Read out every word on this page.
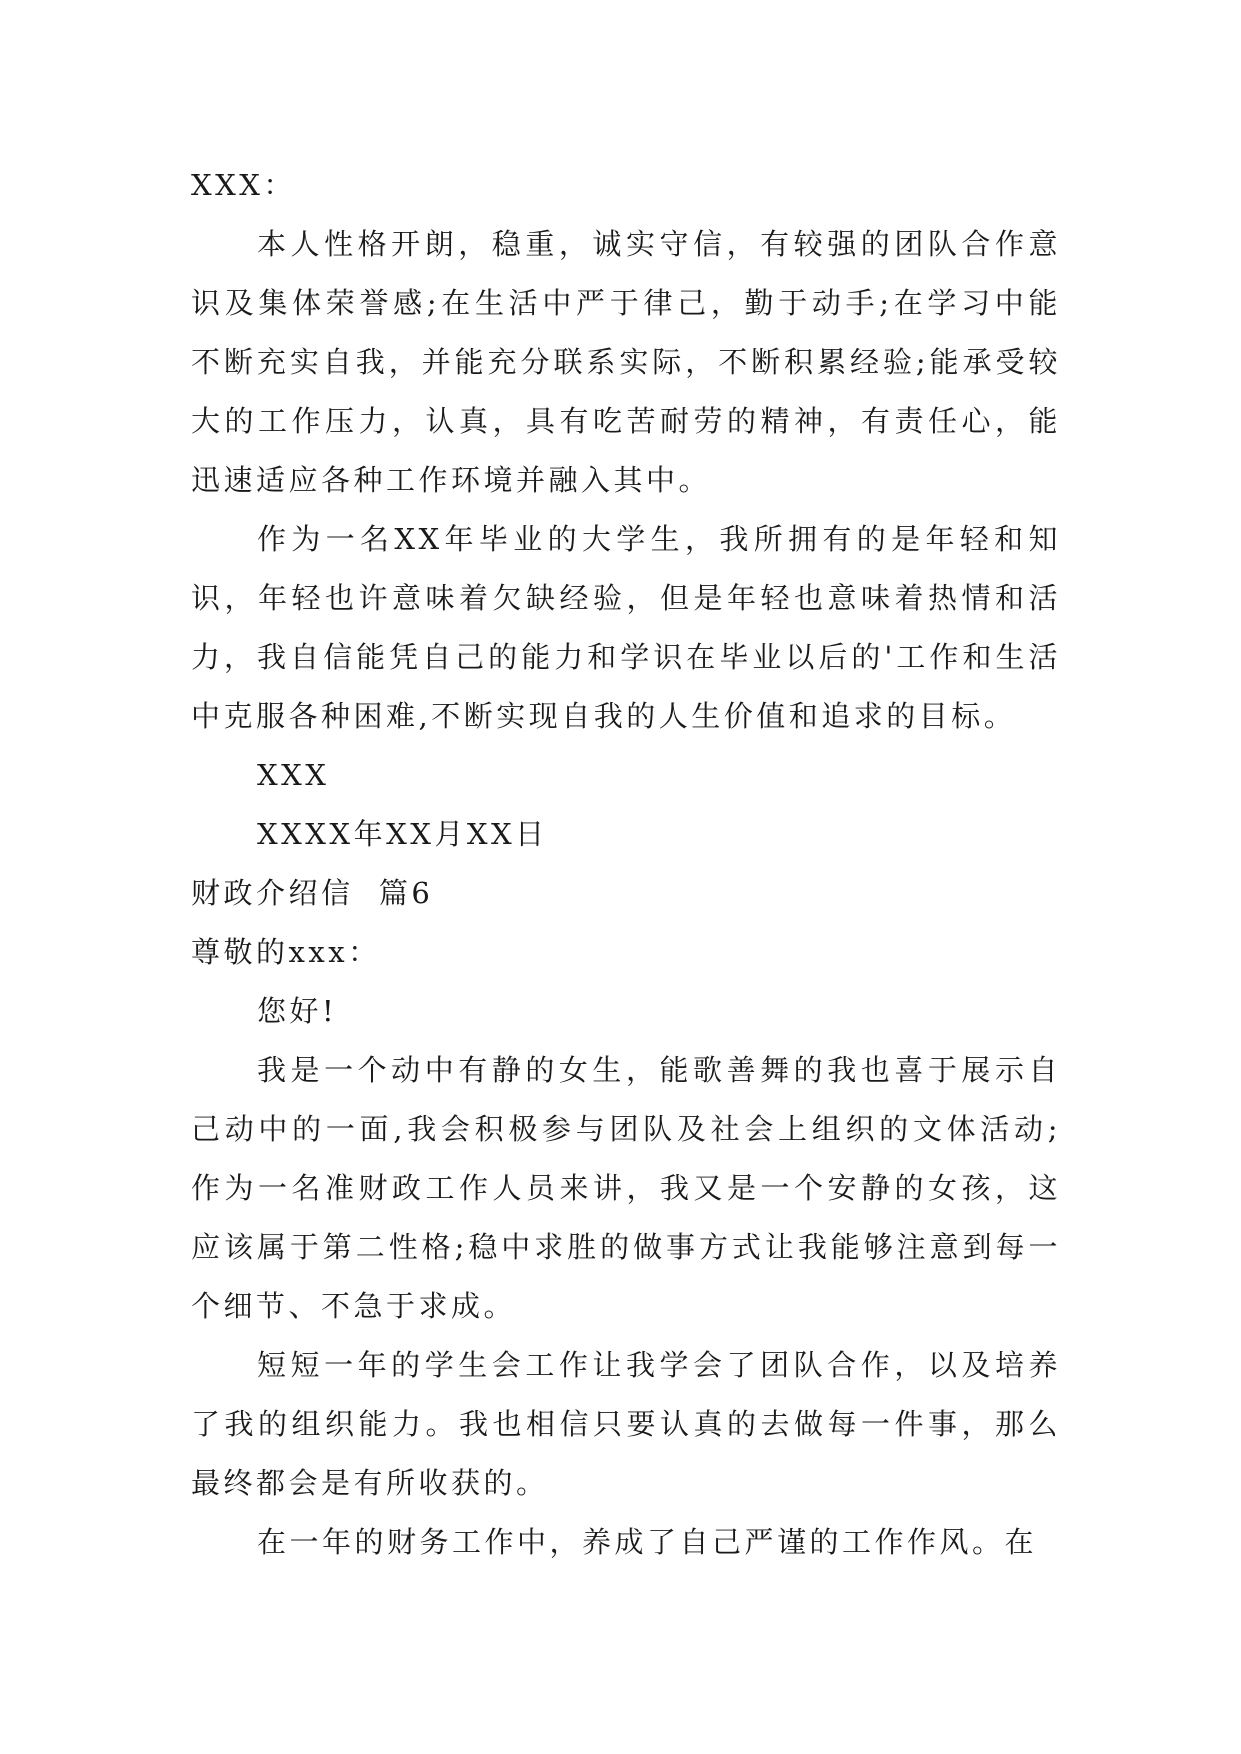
XXX：

本人性格开朗，稳重，诚实守信，有较强的团队合作意识及集体荣誉感;在生活中严于律己，勤于动手;在学习中能不断充实自我，并能充分联系实际，不断积累经验;能承受较大的工作压力，认真，具有吃苦耐劳的精神，有责任心，能迅速适应各种工作环境并融入其中。

作为一名XX年毕业的大学生，我所拥有的是年轻和知识，年轻也许意味着欠缺经验，但是年轻也意味着热情和活力，我自信能凭自己的能力和学识在毕业以后的'工作和生活中克服各种困难,不断实现自我的人生价值和追求的目标。

XXX
XXXX年XX月XX日
财政介绍信  篇6
尊敬的xxx：
您好!

我是一个动中有静的女生，能歌善舞的我也喜于展示自己动中的一面,我会积极参与团队及社会上组织的文体活动;作为一名准财政工作人员来讲，我又是一个安静的女孩，这应该属于第二性格;稳中求胜的做事方式让我能够注意到每一个细节、不急于求成。

短短一年的学生会工作让我学会了团队合作，以及培养了我的组织能力。我也相信只要认真的去做每一件事，那么最终都会是有所收获的。

在一年的财务工作中，养成了自己严谨的工作作风。在
